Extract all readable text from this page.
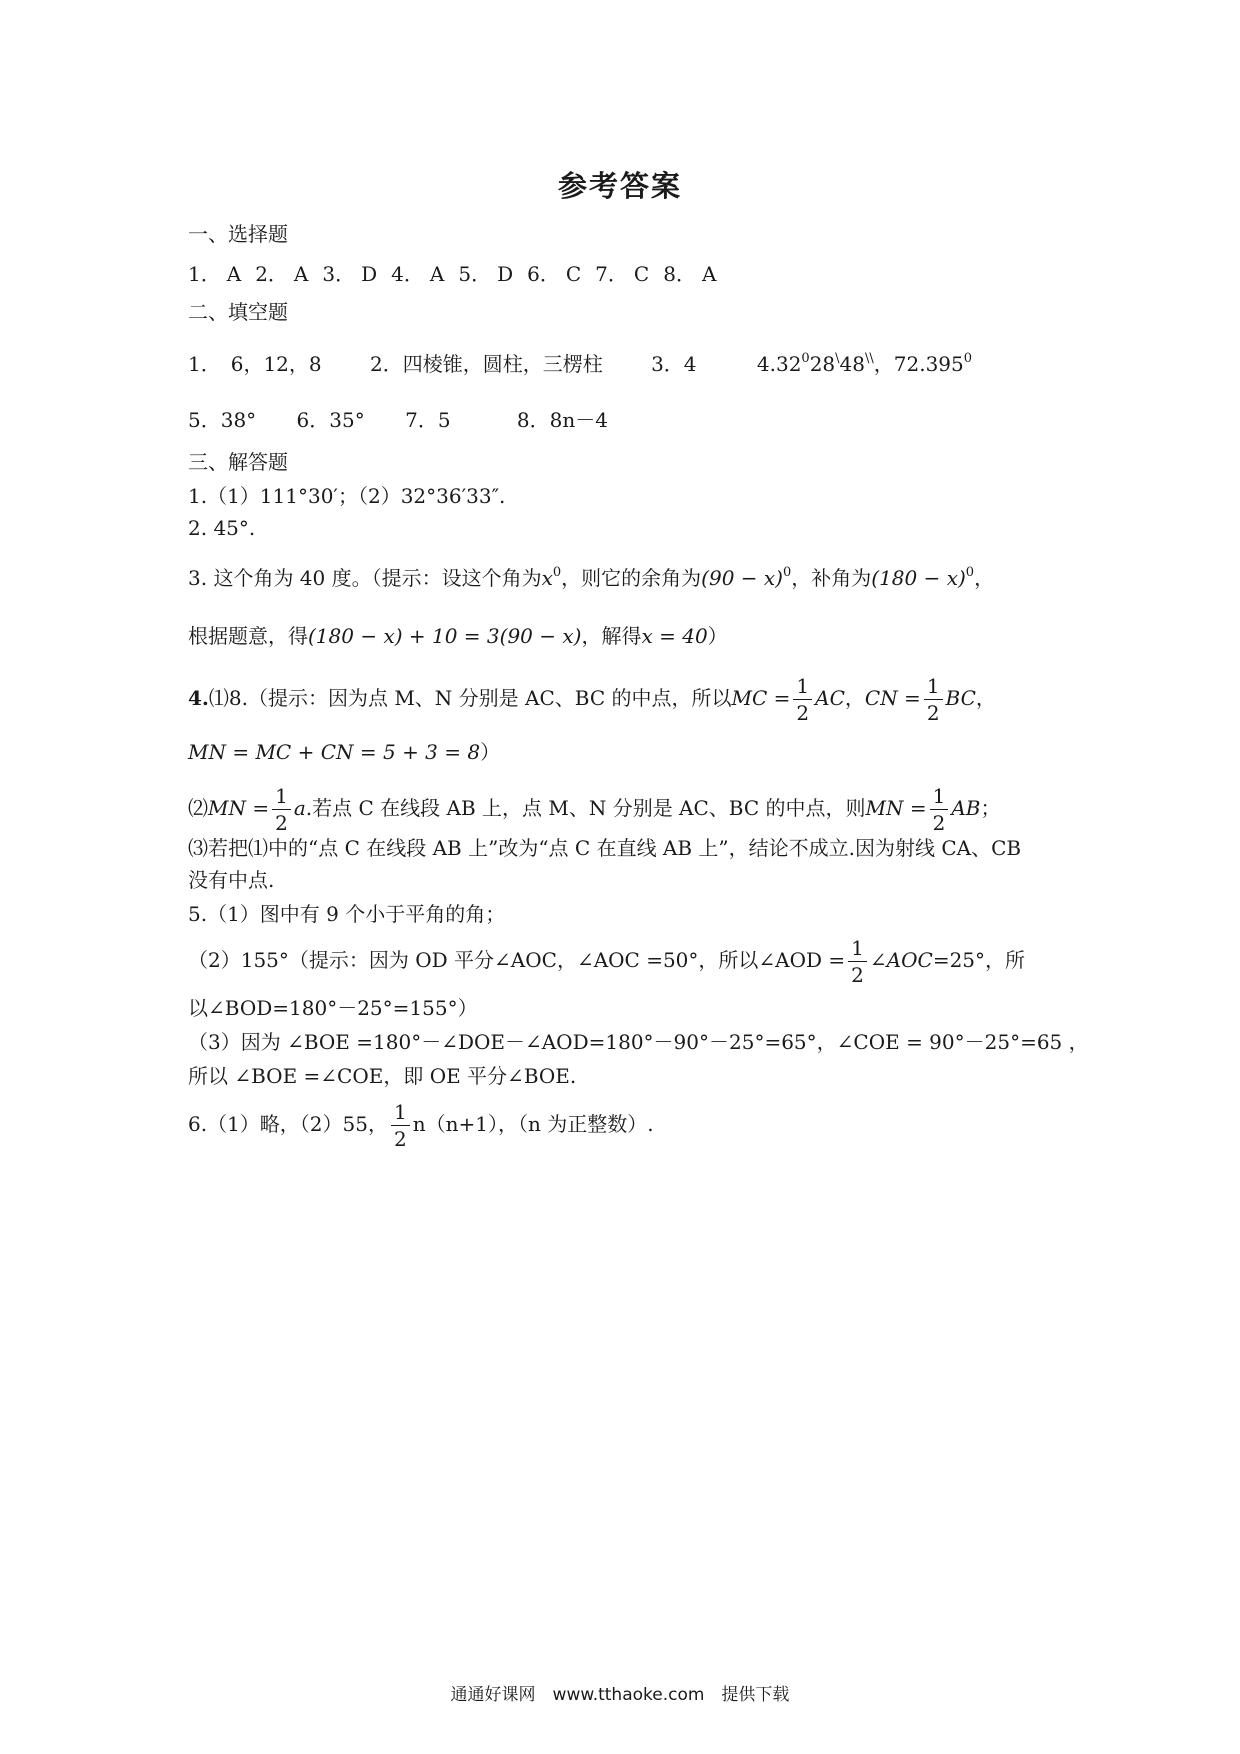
参考答案
一、选择题
1． A 2． A 3． D 4． A 5． D 6． C 7． C 8． A
二、填空题
1．　6，12，8 2．四棱锥，圆柱，三楞柱 3．4	4.32$^0$28\48\\，72.395$^0$
5．38° 6．35° 7．5	8．8n－4
三、解答题
1.（1）111°30′；（2）32°36′33″.
2. 45°.
3. 这个角为 40 度。（提示：设这个角为$x^0$，则它的余角为$(90 - x)^0$，补角为$(180 - x)^0$，
根据题意，得(180 − x) + 10 = 3(90 − x)，解得x = 40）
4.⑴8.（提示：因为点 M、N 分别是 AC、BC 的中点，所以MC = $\frac{1}{2}$ AC，CN = $\frac{1}{2}$ BC，
MN = MC + CN = 5 + 3 = 8）
⑵MN = $\frac{1}{2} a$.若点 C 在线段 AB 上，点 M、N 分别是 AC、BC 的中点，则MN = $\frac{1}{2}$ AB；
⑶若把⑴中的“点 C 在线段 AB 上”改为“点 C 在直线 AB 上”，结论不成立.因为射线 CA、CB
没有中点.
5.（1）图中有 9 个小于平角的角；
（2）155°（提示：因为 OD 平分∠AOC，∠AOC =50°，所以∠AOD = $\frac{1}{2}$ ∠AOC=25°，所
以∠BOD=180°－25°=155°）
（3）因为 ∠BOE =180°－∠DOE－∠AOD=180°－90°－25°=65°，∠COE = 90°－25°=65 ，
所以 ∠BOE =∠COE，即 OE 平分∠BOE.
6.（1）略，（2）55， $\frac{1}{2} n(n+1)$，（n 为正整数）.
通通好课网　www.tthaoke.com　提供下载
